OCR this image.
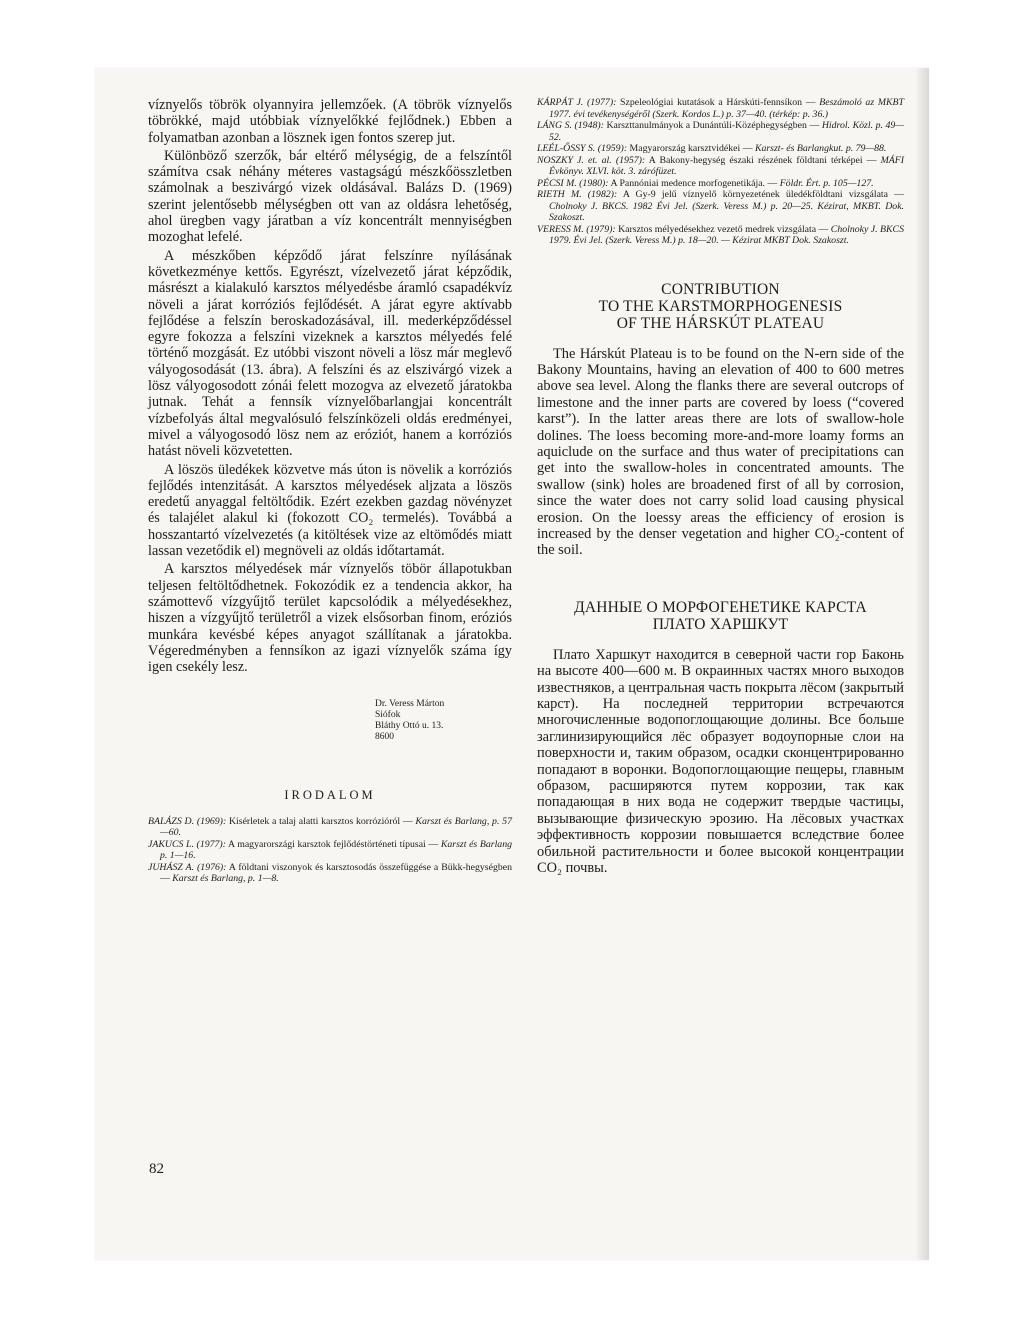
víznyelős töbrök olyannyira jellemzőek. (A töbrök víznyelős töbrökké, majd utóbbiak víznyelőkké fejlődnek.) Ebben a folyamatban azonban a lösznek igen fontos szerep jut.

Különböző szerzők, bár eltérő mélységig, de a felszíntől számítva csak néhány méteres vastagságú mészkőösszletben számolnak a beszivárgó vizek oldásával. Balázs D. (1969) szerint jelentősebb mélységben ott van az oldásra lehetőség, ahol üregben vagy járatban a víz koncentrált mennyiségben mozoghat lefelé.

A mészkőben képződő járat felszínre nyílásának következménye kettős. Egyrészt, vízelvezető járat képződik, másrészt a kialakuló karsztos mélyedésbe áramló csapadékvíz növeli a járat korróziós fejlődését. A járat egyre aktívabb fejlődése a felszín beroskadozásával, ill. mederképződéssel egyre fokozza a felszíni vizeknek a karsztos mélyedés felé történő mozgását. Ez utóbbi viszont növeli a lösz már meglevő vályogosodását (13. ábra). A felszíni és az elszivárgó vizek a lösz vályogosodott zónái felett mozogva az elvezető járatokba jutnak. Tehát a fennsík víznyelőbarlangjai koncentrált vízbefolyás által megvalósuló felszínközeli oldás eredményei, mivel a vályogosodó lösz nem az eróziót, hanem a korróziós hatást növeli közvetetten.

A löszös üledékek közvetve más úton is növelik a korróziós fejlődés intenzitását. A karsztos mélyedések aljzata a löszös eredetű anyaggal feltöltődik. Ezért ezekben gazdag növényzet és talajélet alakul ki (fokozott CO₂ termelés). Továbbá a hosszantartó vízelvezetés (a kitöltések vize az eltömődés miatt lassan vezetődik el) megnöveli az oldás időtartamát.

A karsztos mélyedések már víznyelős töbör állapotukban teljesen feltöltődhetnek. Fokozódik ez a tendencia akkor, ha számottevő vízgyűjtő terület kapcsolódik a mélyedésekhez, hiszen a vízgyűjtő területről a vizek elsősorban finom, eróziós munkára kevésbé képes anyagot szállítanak a járatokba. Végeredményben a fennsíkon az igazi víznyelők száma így igen csekély lesz.

Dr. Veress Márton
Siófok
Bláthy Ottó u. 13.
8600
IRODALOM

BALÁZS D. (1969): Kísérletek a talaj alatti karsztos korrózióról — Karszt és Barlang, p. 57—60.

JAKUCS L. (1977): A magyarországi karsztok fejlődéstörténeti típusai — Karszt és Barlang p. 1—16.

JUHÁSZ A. (1976): A földtani viszonyok és karsztosodás összefüggése a Bükk-hegységben — Karszt és Barlang, p. 1—8.

KÁRPÁT J. (1977): Szpeleológiai kutatások a Hárskúti-fennsíkon — Beszámoló az MKBT 1977. évi tevékenységéről (Szerk. Kordos L.) p. 37—40. (térkép: p. 36.)

LÁNG S. (1948): Karszttanulmányok a Dunántúli-Középhegységben — Hidrol. Közl. p. 49—52.

LEÉL-ŐSSY S. (1959): Magyarország karsztvidékei — Karszt- és Barlangkut. p. 79—88.

NOSZKY J. et. al. (1957): A Bakony-hegység északi részének földtani térképei — MÁFI Évkönyv. XLVI. köt. 3. zárófüzet.

PÉCSI M. (1980): A Pannóniai medence morfogenetikája. — Földr. Ért. p. 105—127.

RIETH M. (1982): A Gy-9 jelű víznyelő környezetének üledékföldtani vizsgálata — Cholnoky J. BKCS. 1982 Évi Jel. (Szerk. Veress M.) p. 20—25. Kézirat, MKBT. Dok. Szakoszt.

VERESS M. (1979): Karsztos mélyedésekhez vezető medrek vizsgálata — Cholnoky J. BKCS 1979. Évi Jel. (Szerk. Veress M.) p. 18—20. — Kézirat MKBT Dok. Szakoszt.

CONTRIBUTION
TO THE KARSTMORPHOGENESIS
OF THE HÁRSKÚT PLATEAU

The Hárskút Plateau is to be found on the N-ern side of the Bakony Mountains, having an elevation of 400 to 600 metres above sea level. Along the flanks there are several outcrops of limestone and the inner parts are covered by loess (“covered karst”). In the latter areas there are lots of swallow-hole dolines. The loess becoming more-and-more loamy forms an aquiclude on the surface and thus water of precipitations can get into the swallow-holes in concentrated amounts. The swallow (sink) holes are broadened first of all by corrosion, since the water does not carry solid load causing physical erosion. On the loessy areas the efficiency of erosion is increased by the denser vegetation and higher CO₂-content of the soil.

ДАННЫЕ О МОРФОГЕНЕТИКЕ КАРСТА
ПЛАТО ХАРШКУТ

Плато Харшкут находится в северной части гор Бaконь на высоте 400—600 м. В окраинных частях много выходов известняков, а центральная часть покрыта лёсом (закрытый карст). На последней территории встречаются многочисленные водопоглощающие долины. Все больше заглинизирующийся лёс образует водоупорные слои на поверхности и, таким образом, осадки сконцентрированно попадают в воронки. Водопоглощающие пещеры, главным образом, расширяются путем коррозии, так как попадающая в них вода не содержит твердые частицы, вызывающие физическую эрозию. На лёсовых участках эффективность коррозии повышается вследствие более обильной растительности и более высокой концентрации CO₂ почвы.

82
